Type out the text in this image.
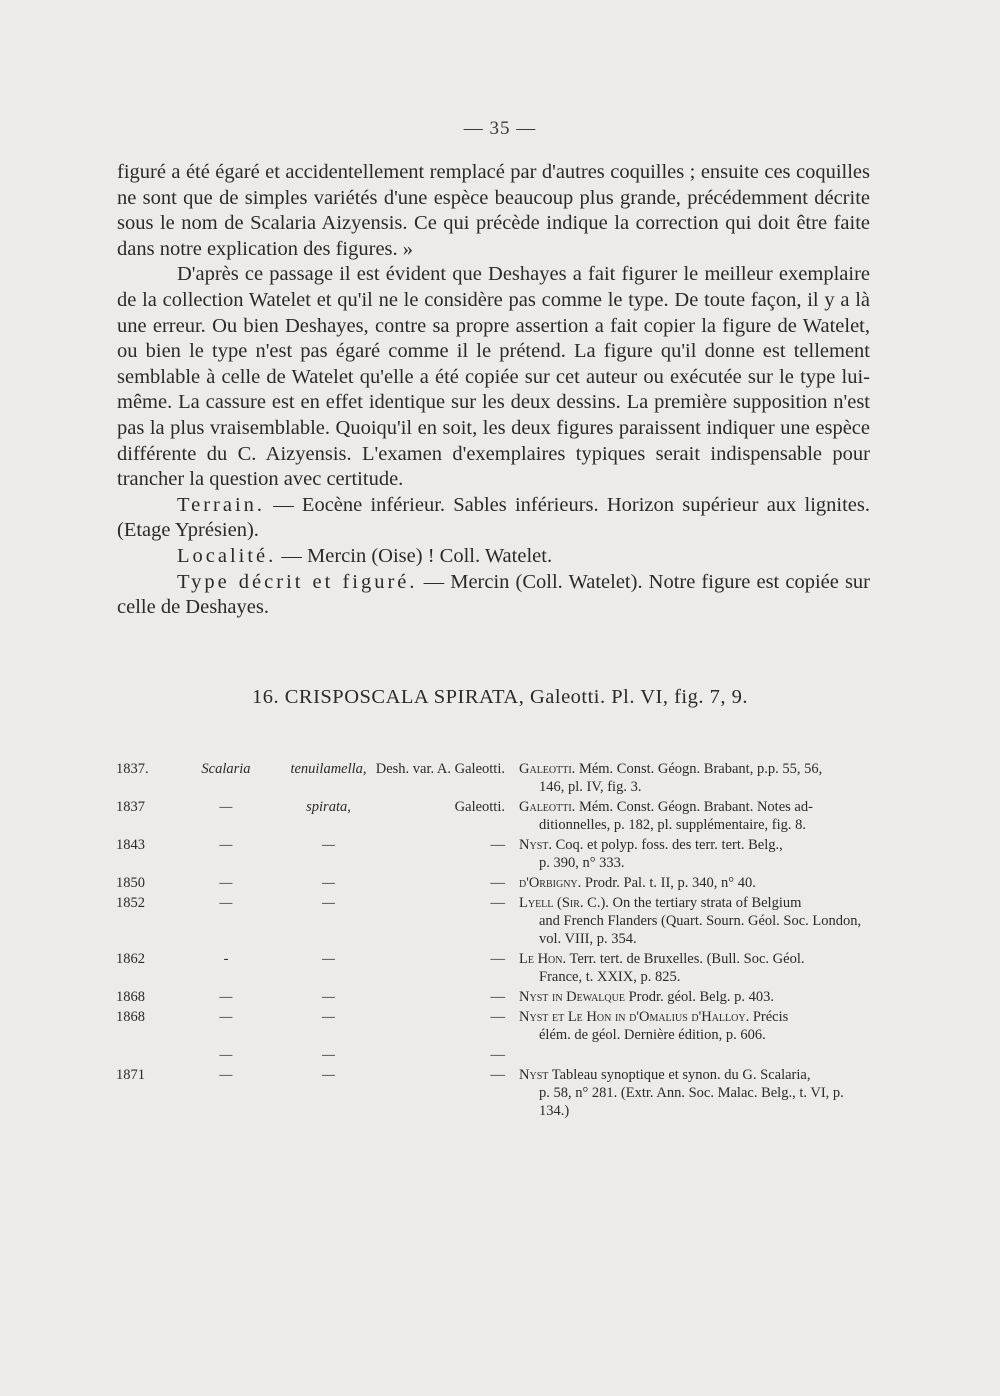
— 35 —

figuré a été égaré et accidentellement remplacé par d'autres coquilles ; ensuite ces coquilles ne sont que de simples variétés d'une espèce beaucoup plus grande, précédemment décrite sous le nom de Scalaria Aizyensis. Ce qui précède indique la correction qui doit être faite dans notre explication des figures. »

D'après ce passage il est évident que Deshayes a fait figurer le meilleur exemplaire de la collection Watelet et qu'il ne le considère pas comme le type. De toute façon, il y a là une erreur. Ou bien Deshayes, contre sa propre assertion a fait copier la figure de Watelet, ou bien le type n'est pas égaré comme il le prétend. La figure qu'il donne est tellement semblable à celle de Watelet qu'elle a été copiée sur cet auteur ou exécutée sur le type lui-même. La cassure est en effet identique sur les deux dessins. La première supposition n'est pas la plus vraisemblable. Quoiqu'il en soit, les deux figures paraissent indiquer une espèce différente du C. Aizyensis. L'examen d'exemplaires typiques serait indispensable pour trancher la question avec certitude.

Terrain. — Eocène inférieur. Sables inférieurs. Horizon supérieur aux lignites. (Etage Yprésien).

Localité. — Mercin (Oise) ! Coll. Watelet.

Type décrit et figuré. — Mercin (Coll. Watelet). Notre figure est copiée sur celle de Deshayes.

16. CRISPOSCALA SPIRATA, Galeotti. Pl. VI, fig. 7, 9.
1837.	Scalaria	tenuilamella,	Desh. var. A. Galeotti.	Galeotti. Mém. Const. Géogn. Brabant, p.p. 55, 56,
146, pl. IV, fig. 3.

1837	—	spirata,	Galeotti.	Galeotti. Mém. Const. Géogn. Brabant. Notes ad-
ditionnelles, p. 182, pl. supplémentaire, fig. 8.

1843	—	—	—	Nyst. Coq. et polyp. foss. des terr. tert. Belg.,
p. 390, n° 333.

1850	—	—	—	d'Orbigny. Prodr. Pal. t. II, p. 340, n° 40.

1852	—	—	—	Lyell (Sir. C.). On the tertiary strata of Belgium
and French Flanders (Quart. Sourn. Géol. Soc. London, vol. VIII, p. 354.

1862	-	—	—	Le Hon. Terr. tert. de Bruxelles. (Bull. Soc. Géol.
France, t. XXIX, p. 825.

1868	—	—	—	Nyst in Dewalque Prodr. géol. Belg. p. 403.

1868	—	—	—	Nyst et Le Hon in d'Omalius d'Halloy. Précis
élém. de géol. Dernière édition, p. 606.

	—	—	—	

1871	—	—	—	Nyst Tableau synoptique et synon. du G. Scalaria,
p. 58, n° 281. (Extr. Ann. Soc. Malac. Belg., t. VI, p. 134.)
